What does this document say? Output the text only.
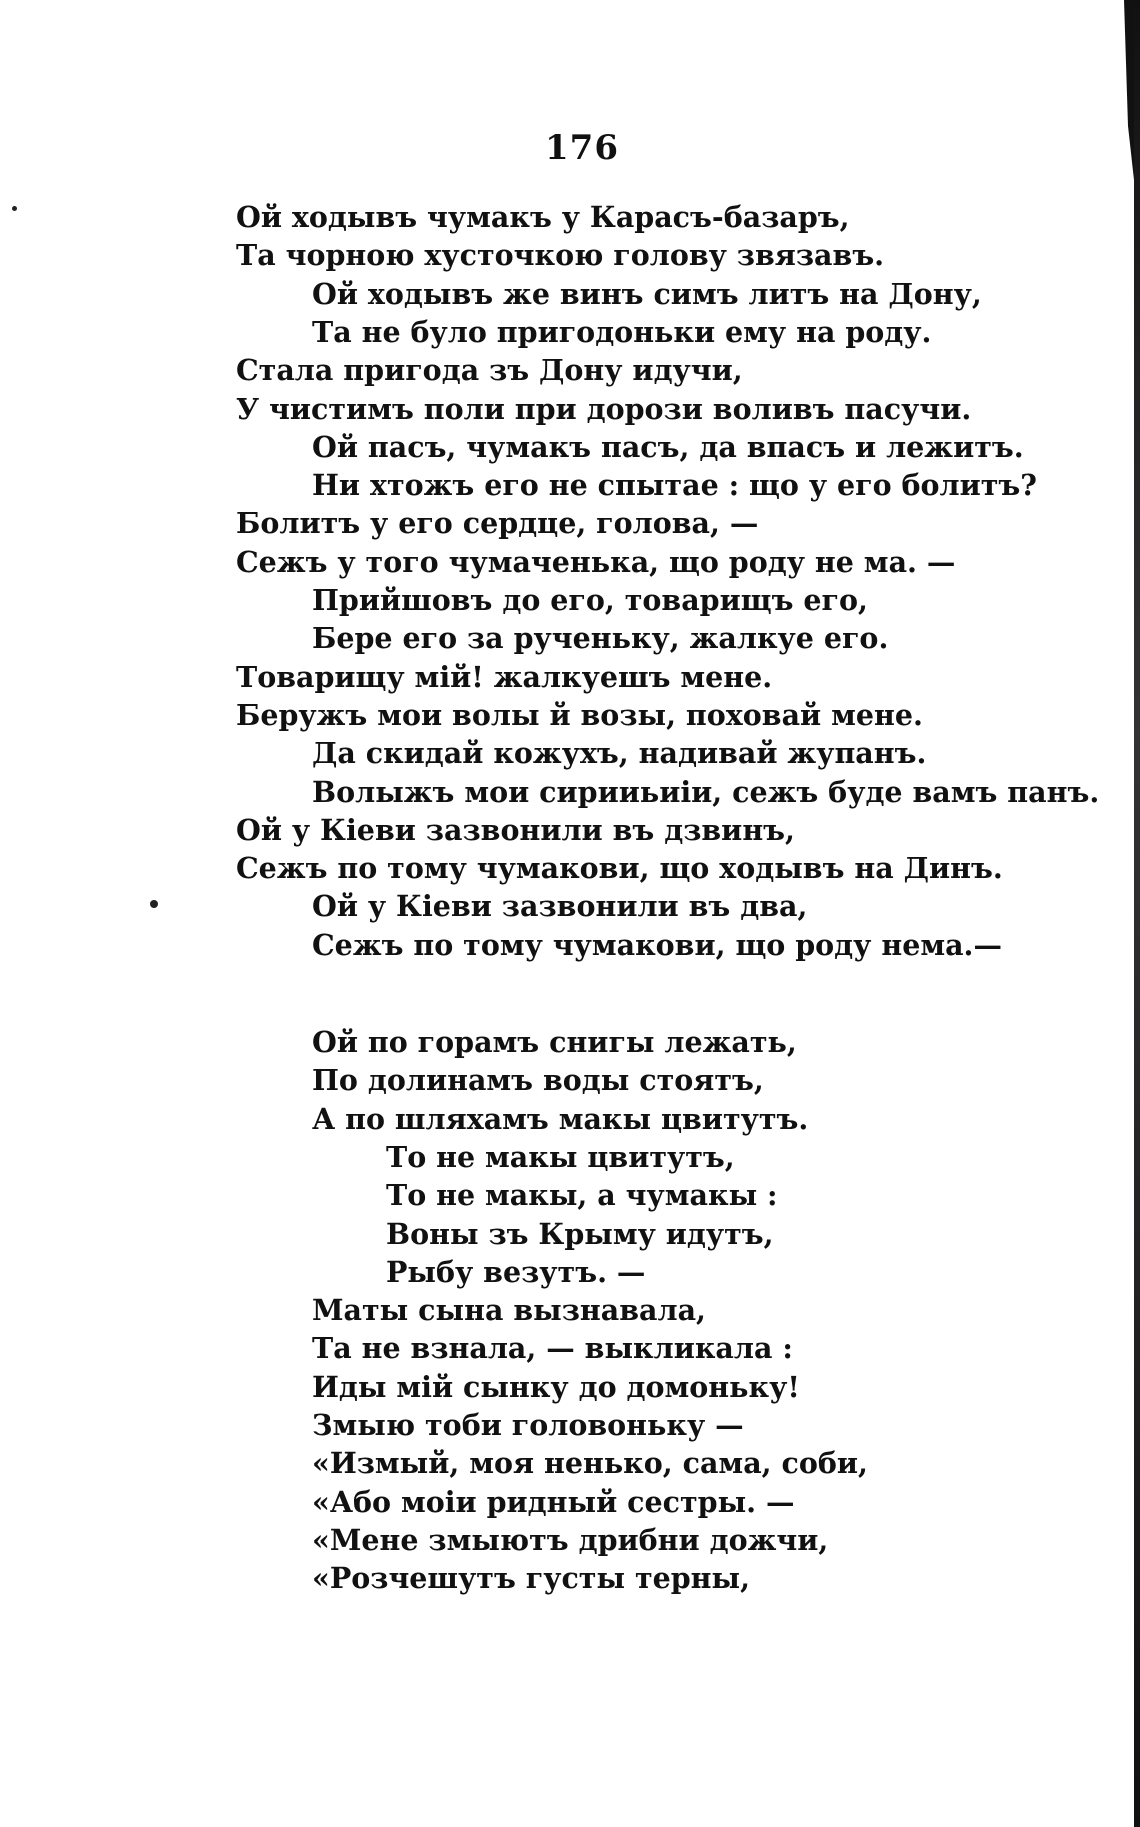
176
Ой ходывъ чумакъ у Карасъ-базаръ,
Та чорною хусточкою голову звязавъ.
Ой ходывъ же винъ симъ литъ на Дону,
Та не було пригодоньки ему на роду.
Стала пригода зъ Дону идучи,
У чистимъ поли при дорози воливъ пасучи.
Ой пасъ, чумакъ пасъ, да впасъ и лежитъ.
Ни хтожъ его не спытае : що у его болитъ?
Болитъ у его сердце, голова, —
Сежъ у того чумаченька, що роду не ма. —
Прийшовъ до его, товарищъ его,
Бере его за рученьку, жалкуе его.
Товарищу мій! жалкуешъ мене.
Беружъ мои волы й возы, поховай мене.
Да скидай кожухъ, надивай жупанъ.
Волыжъ мои сирииьиіи, сежъ буде вамъ панъ.
Ой у Кіеви зазвонили въ дзвинъ,
Сежъ по тому чумакови, що ходывъ на Динъ.
Ой у Кіеви зазвонили въ два,
Сежъ по тому чумакови, що роду нема.—
Ой по горамъ снигы лежать,
По долинамъ воды стоятъ,
А по шляхамъ макы цвитутъ.
То не макы цвитутъ,
То не макы, а чумакы :
Воны зъ Крыму идутъ,
Рыбу везутъ. —
Маты сына вызнавала,
Та не взнала, — выкликала :
Иды мій сынку до домоньку!
Змыю тоби головоньку —
«Измый, моя ненько, сама, соби,
«Або моіи ридный сестры. —
«Мене змыютъ дрибни дожчи,
«Розчешутъ густы терны,
